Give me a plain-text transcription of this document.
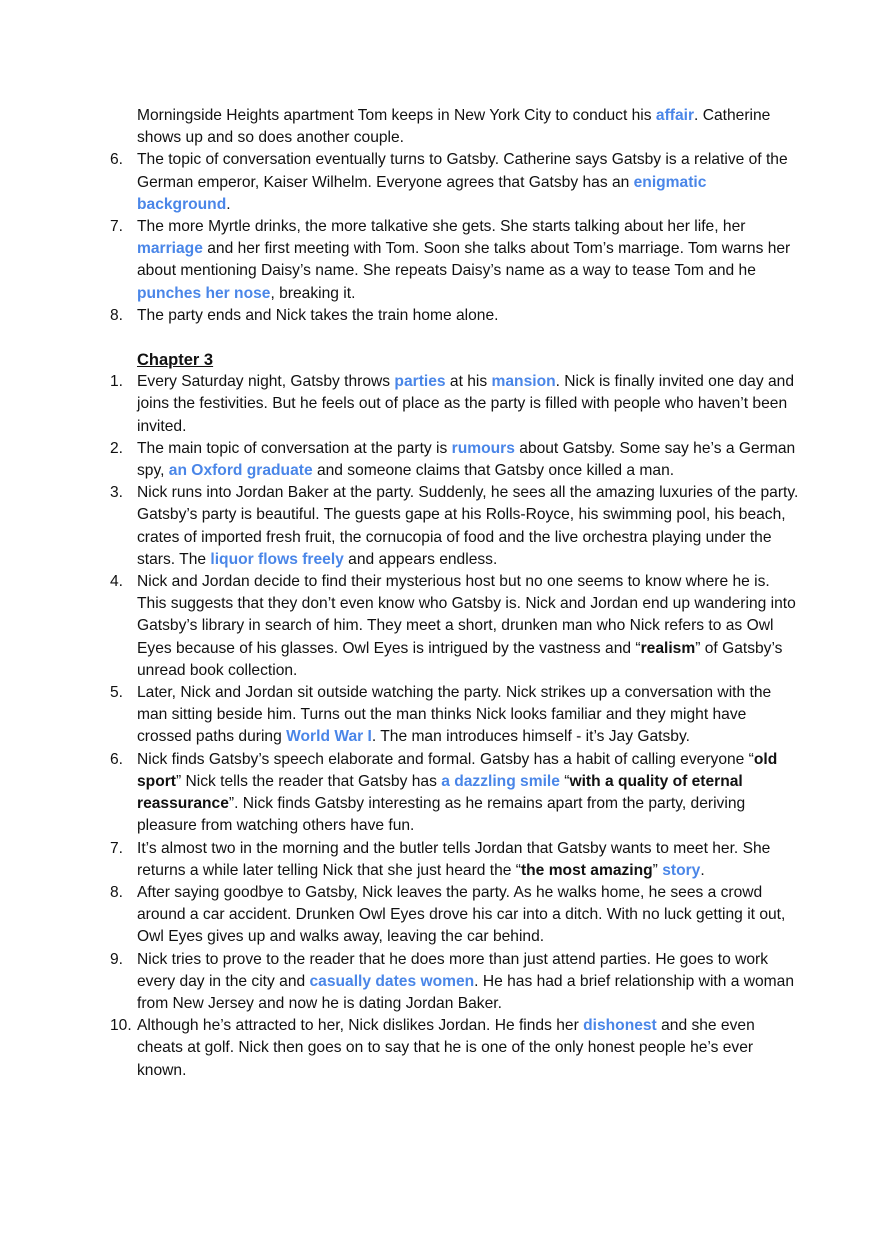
Morningside Heights apartment Tom keeps in New York City to conduct his affair. Catherine shows up and so does another couple.
6. The topic of conversation eventually turns to Gatsby. Catherine says Gatsby is a relative of the German emperor, Kaiser Wilhelm. Everyone agrees that Gatsby has an enigmatic background.
7. The more Myrtle drinks, the more talkative she gets. She starts talking about her life, her marriage and her first meeting with Tom. Soon she talks about Tom’s marriage. Tom warns her about mentioning Daisy’s name. She repeats Daisy’s name as a way to tease Tom and he punches her nose, breaking it.
8. The party ends and Nick takes the train home alone.
Chapter 3
1. Every Saturday night, Gatsby throws parties at his mansion. Nick is finally invited one day and joins the festivities. But he feels out of place as the party is filled with people who haven’t been invited.
2. The main topic of conversation at the party is rumours about Gatsby. Some say he’s a German spy, an Oxford graduate and someone claims that Gatsby once killed a man.
3. Nick runs into Jordan Baker at the party. Suddenly, he sees all the amazing luxuries of the party. Gatsby’s party is beautiful. The guests gape at his Rolls-Royce, his swimming pool, his beach, crates of imported fresh fruit, the cornucopia of food and the live orchestra playing under the stars. The liquor flows freely and appears endless.
4. Nick and Jordan decide to find their mysterious host but no one seems to know where he is. This suggests that they don’t even know who Gatsby is. Nick and Jordan end up wandering into Gatsby’s library in search of him. They meet a short, drunken man who Nick refers to as Owl Eyes because of his glasses. Owl Eyes is intrigued by the vastness and “realism” of Gatsby’s unread book collection.
5. Later, Nick and Jordan sit outside watching the party. Nick strikes up a conversation with the man sitting beside him. Turns out the man thinks Nick looks familiar and they might have crossed paths during World War I. The man introduces himself - it’s Jay Gatsby.
6. Nick finds Gatsby’s speech elaborate and formal. Gatsby has a habit of calling everyone “old sport” Nick tells the reader that Gatsby has a dazzling smile “with a quality of eternal reassurance”. Nick finds Gatsby interesting as he remains apart from the party, deriving pleasure from watching others have fun.
7. It’s almost two in the morning and the butler tells Jordan that Gatsby wants to meet her. She returns a while later telling Nick that she just heard the “the most amazing” story.
8. After saying goodbye to Gatsby, Nick leaves the party. As he walks home, he sees a crowd around a car accident. Drunken Owl Eyes drove his car into a ditch. With no luck getting it out, Owl Eyes gives up and walks away, leaving the car behind.
9. Nick tries to prove to the reader that he does more than just attend parties. He goes to work every day in the city and casually dates women. He has had a brief relationship with a woman from New Jersey and now he is dating Jordan Baker.
10. Although he’s attracted to her, Nick dislikes Jordan. He finds her dishonest and she even cheats at golf. Nick then goes on to say that he is one of the only honest people he’s ever known.
